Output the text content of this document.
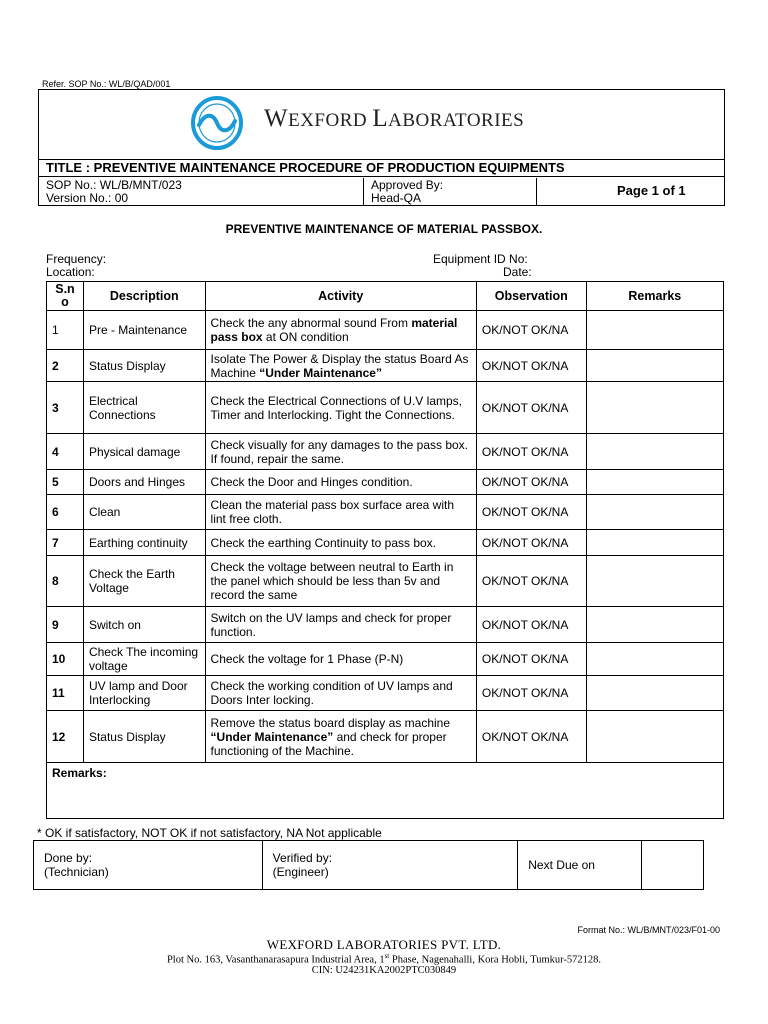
Refer. SOP No.: WL/B/QAD/001
WEXFORD LABORATORIES
TITLE : PREVENTIVE MAINTENANCE PROCEDURE OF PRODUCTION EQUIPMENTS
SOP No.: WL/B/MNT/023
Version No.: 00
Approved By:
Head-QA	Page 1 of 1
PREVENTIVE MAINTENANCE OF MATERIAL PASSBOX.
Frequency:
Location:
Equipment ID No:
Date:
S.n o	Description	Activity	Observation	Remarks
1	Pre - Maintenance	Check the any abnormal sound From material pass box at ON condition	OK/NOT OK/NA	
2	Status Display	Isolate The Power & Display the status Board As Machine “Under Maintenance”	OK/NOT OK/NA	
3	Electrical Connections	Check the Electrical Connections of U.V lamps, Timer and Interlocking. Tight the Connections.	OK/NOT OK/NA	
4	Physical damage	Check visually for any damages to the pass box. If found, repair the same.	OK/NOT OK/NA	
5	Doors and Hinges	Check the Door and Hinges condition.	OK/NOT OK/NA	
6	Clean	Clean the material pass box surface area with lint free cloth.	OK/NOT OK/NA	
7	Earthing continuity	Check the earthing Continuity to pass box.	OK/NOT OK/NA	
8	Check the Earth Voltage	Check the voltage between neutral to Earth in the panel which should be less than 5v and record the same	OK/NOT OK/NA	
9	Switch on	Switch on the UV lamps and check for proper function.	OK/NOT OK/NA	
10	Check The incoming voltage	Check the voltage for 1 Phase (P-N)	OK/NOT OK/NA	
11	UV lamp and Door Interlocking	Check the working condition of UV lamps and Doors Inter locking.	OK/NOT OK/NA	
12	Status Display	Remove the status board display as machine “Under Maintenance” and check for proper functioning of the Machine.	OK/NOT OK/NA	
Remarks:				
* OK if satisfactory, NOT OK if not satisfactory, NA Not applicable
Done by:
(Technician)

Verified by:
(Engineer)	Next Due on	
Format No.: WL/B/MNT/023/F01-00
WEXFORD LABORATORIES PVT. LTD.
Plot No. 163, Vasanthanarasapura Industrial Area, 1st Phase, Nagenahalli, Kora Hobli, Tumkur-572128.
CIN: U24231KA2002PTC030849
